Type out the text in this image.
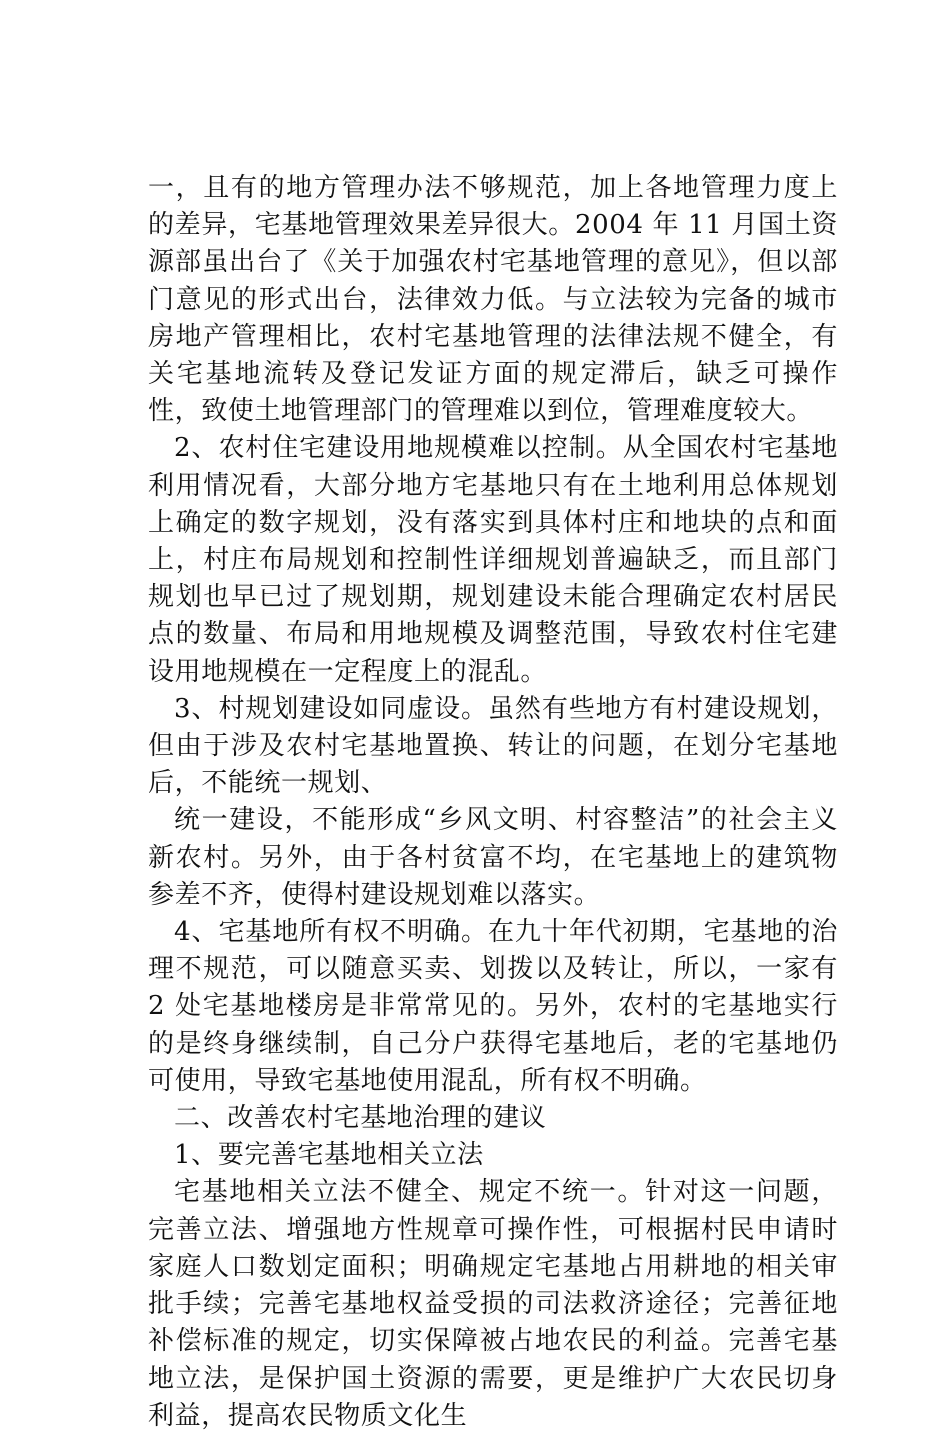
一，且有的地方管理办法不够规范，加上各地管理力度上的差异，宅基地管理效果差异很大。2004 年 11 月国土资源部虽出台了《关于加强农村宅基地管理的意见》，但以部门意见的形式出台，法律效力低。与立法较为完备的城市房地产管理相比，农村宅基地管理的法律法规不健全，有关宅基地流转及登记发证方面的规定滞后，缺乏可操作性，致使土地管理部门的管理难以到位，管理难度较大。

2、农村住宅建设用地规模难以控制。从全国农村宅基地利用情况看，大部分地方宅基地只有在土地利用总体规划上确定的数字规划，没有落实到具体村庄和地块的点和面上，村庄布局规划和控制性详细规划普遍缺乏，而且部门规划也早已过了规划期，规划建设未能合理确定农村居民点的数量、布局和用地规模及调整范围，导致农村住宅建设用地规模在一定程度上的混乱。

3、村规划建设如同虚设。虽然有些地方有村建设规划，但由于涉及农村宅基地置换、转让的问题，在划分宅基地后，不能统一规划、

统一建设，不能形成“乡风文明、村容整洁”的社会主义新农村。另外，由于各村贫富不均，在宅基地上的建筑物参差不齐，使得村建设规划难以落实。

4、宅基地所有权不明确。在九十年代初期，宅基地的治理不规范，可以随意买卖、划拨以及转让，所以，一家有 2 处宅基地楼房是非常常见的。另外，农村的宅基地实行的是终身继续制，自己分户获得宅基地后，老的宅基地仍可使用，导致宅基地使用混乱，所有权不明确。

二、改善农村宅基地治理的建议

1、要完善宅基地相关立法

宅基地相关立法不健全、规定不统一。针对这一问题，完善立法、增强地方性规章可操作性，可根据村民申请时家庭人口数划定面积；明确规定宅基地占用耕地的相关审批手续；完善宅基地权益受损的司法救济途径；完善征地补偿标准的规定，切实保障被占地农民的利益。完善宅基地立法，是保护国土资源的需要，更是维护广大农民切身利益，提高农民物质文化生
